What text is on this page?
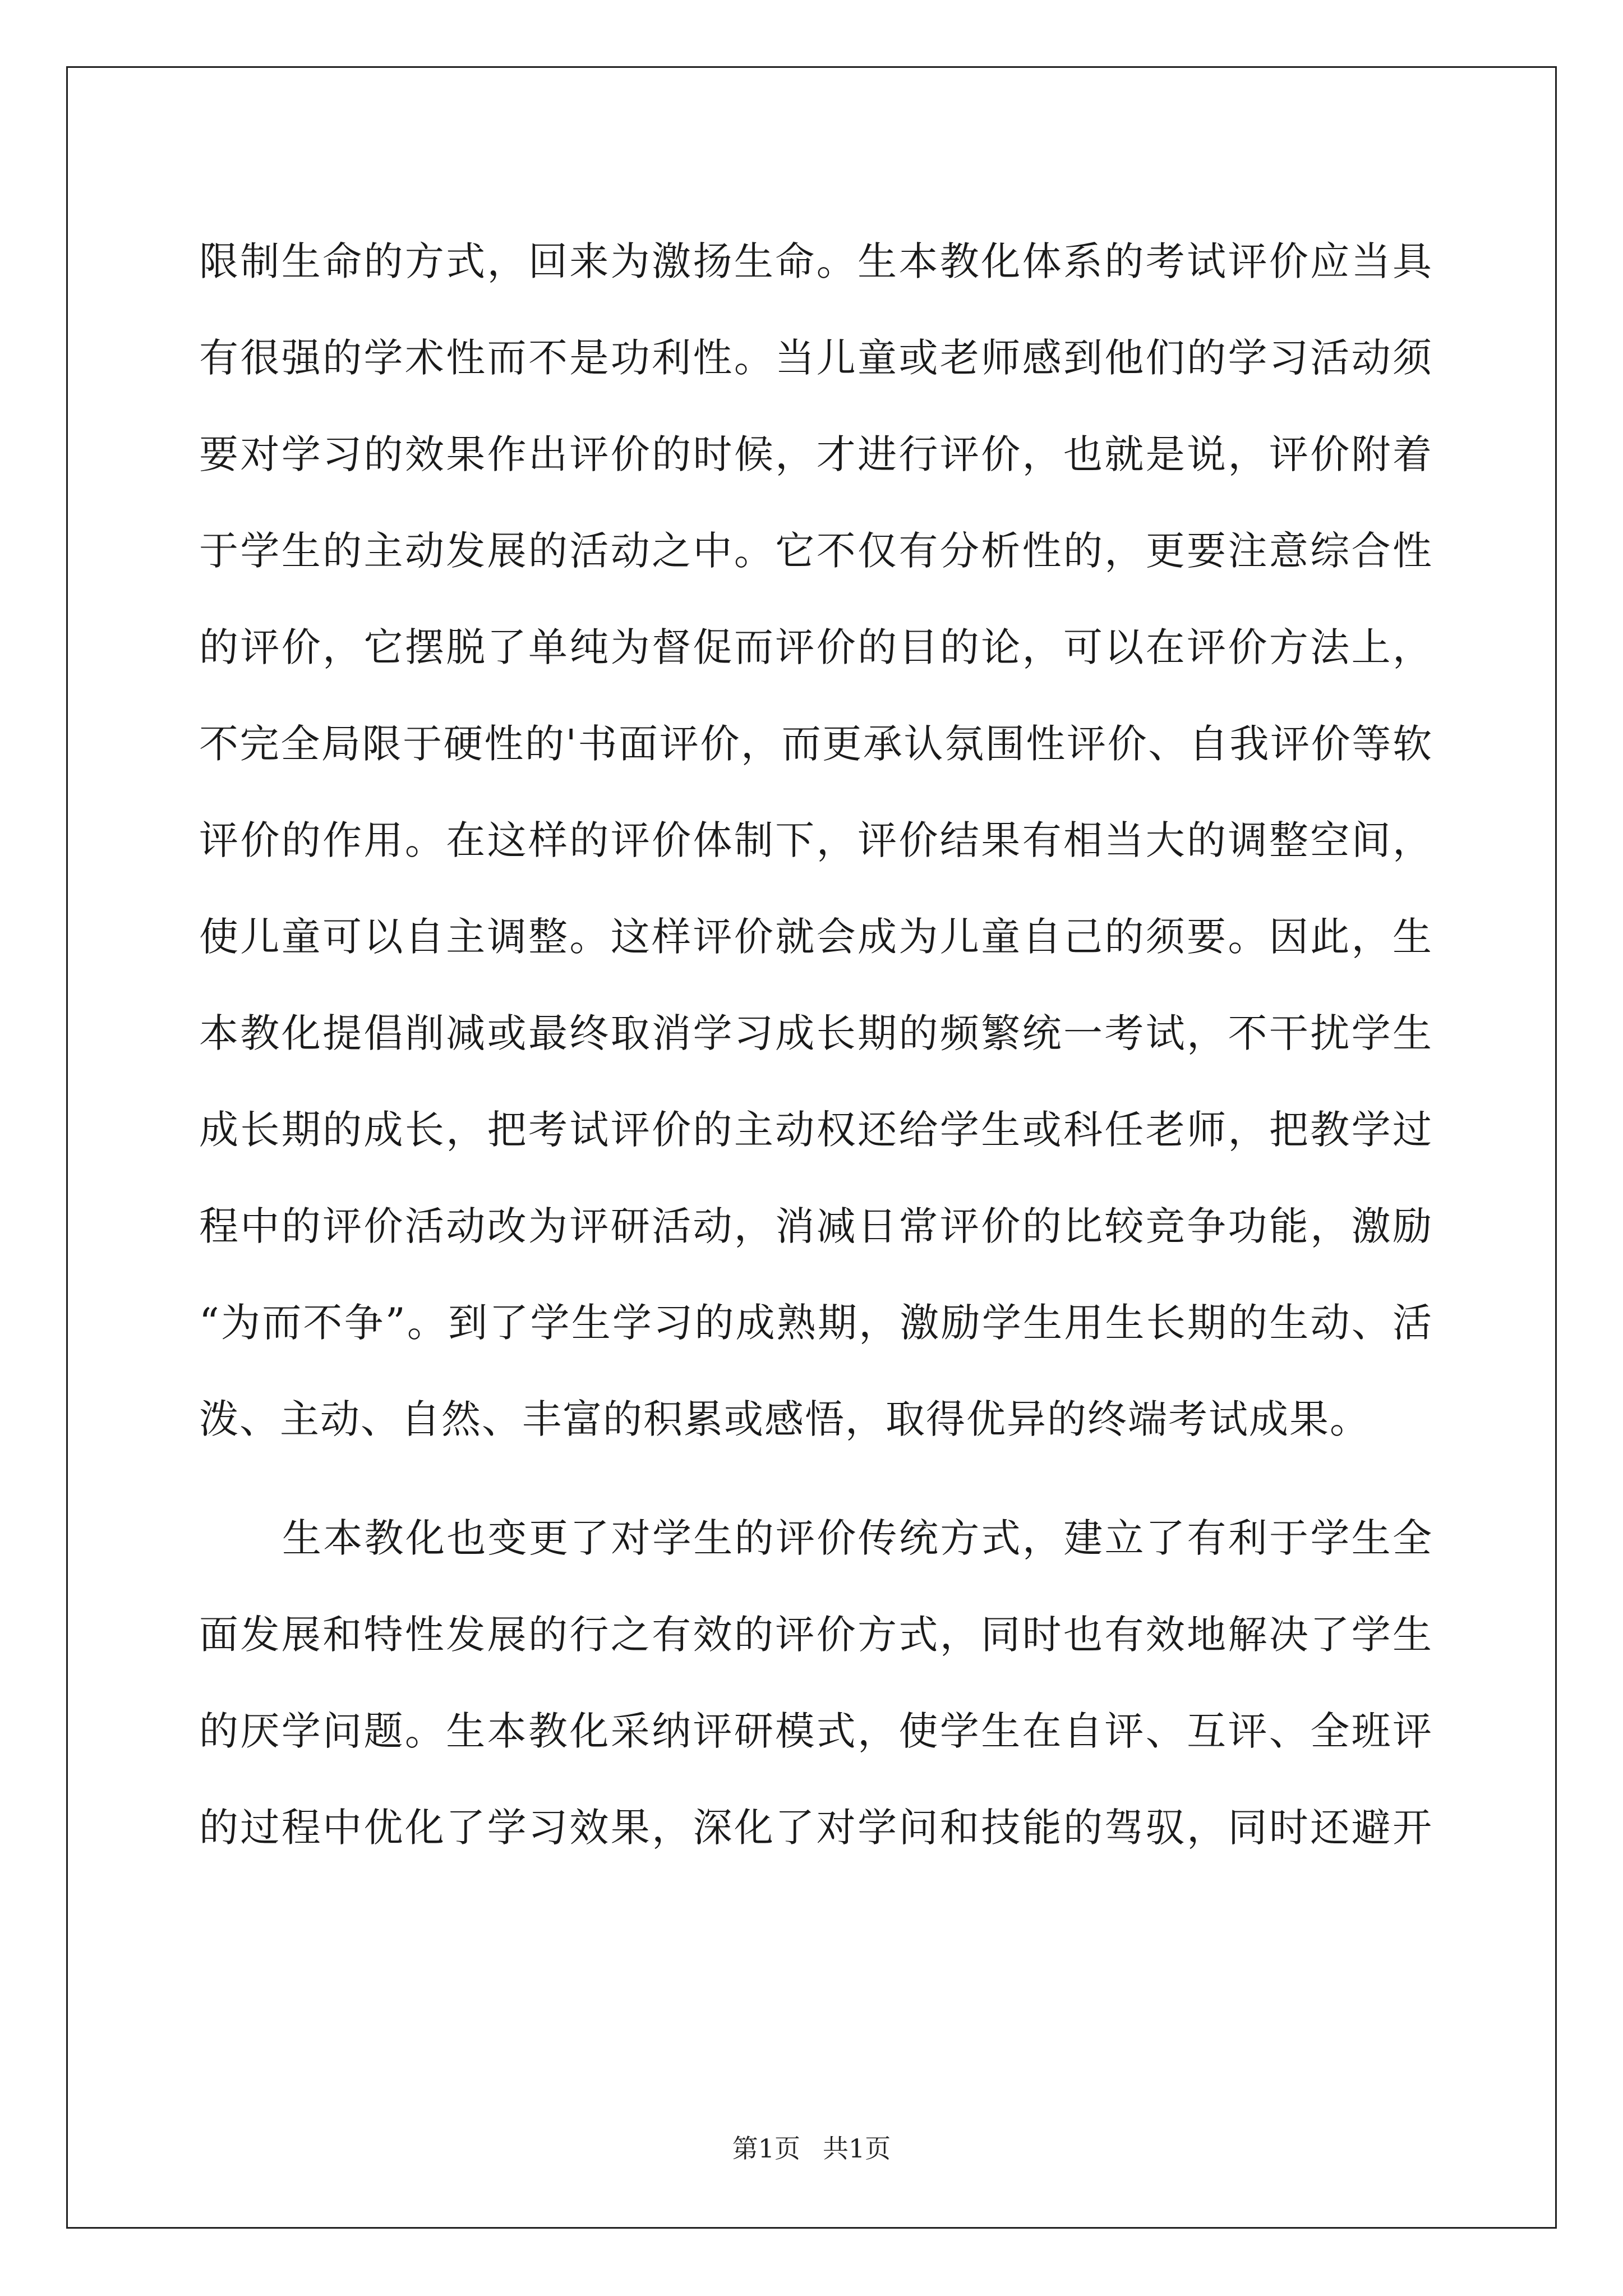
限制生命的方式，回来为激扬生命。生本教化体系的考试评价应当具
有很强的学术性而不是功利性。当儿童或老师感到他们的学习活动须
要对学习的效果作出评价的时候，才进行评价，也就是说，评价附着
于学生的主动发展的活动之中。它不仅有分析性的，更要注意综合性
的评价，它摆脱了单纯为督促而评价的目的论，可以在评价方法上，
不完全局限于硬性的'书面评价，而更承认氛围性评价、自我评价等软
评价的作用。在这样的评价体制下，评价结果有相当大的调整空间，
使儿童可以自主调整。这样评价就会成为儿童自己的须要。因此，生
本教化提倡削减或最终取消学习成长期的频繁统一考试，不干扰学生
成长期的成长，把考试评价的主动权还给学生或科任老师，把教学过
程中的评价活动改为评研活动，消减日常评价的比较竞争功能，激励
“为而不争”。到了学生学习的成熟期，激励学生用生长期的生动、活
泼、主动、自然、丰富的积累或感悟，取得优异的终端考试成果。
生本教化也变更了对学生的评价传统方式，建立了有利于学生全
面发展和特性发展的行之有效的评价方式，同时也有效地解决了学生
的厌学问题。生本教化采纳评研模式，使学生在自评、互评、全班评
的过程中优化了学习效果，深化了对学问和技能的驾驭，同时还避开
第1页 共1页
